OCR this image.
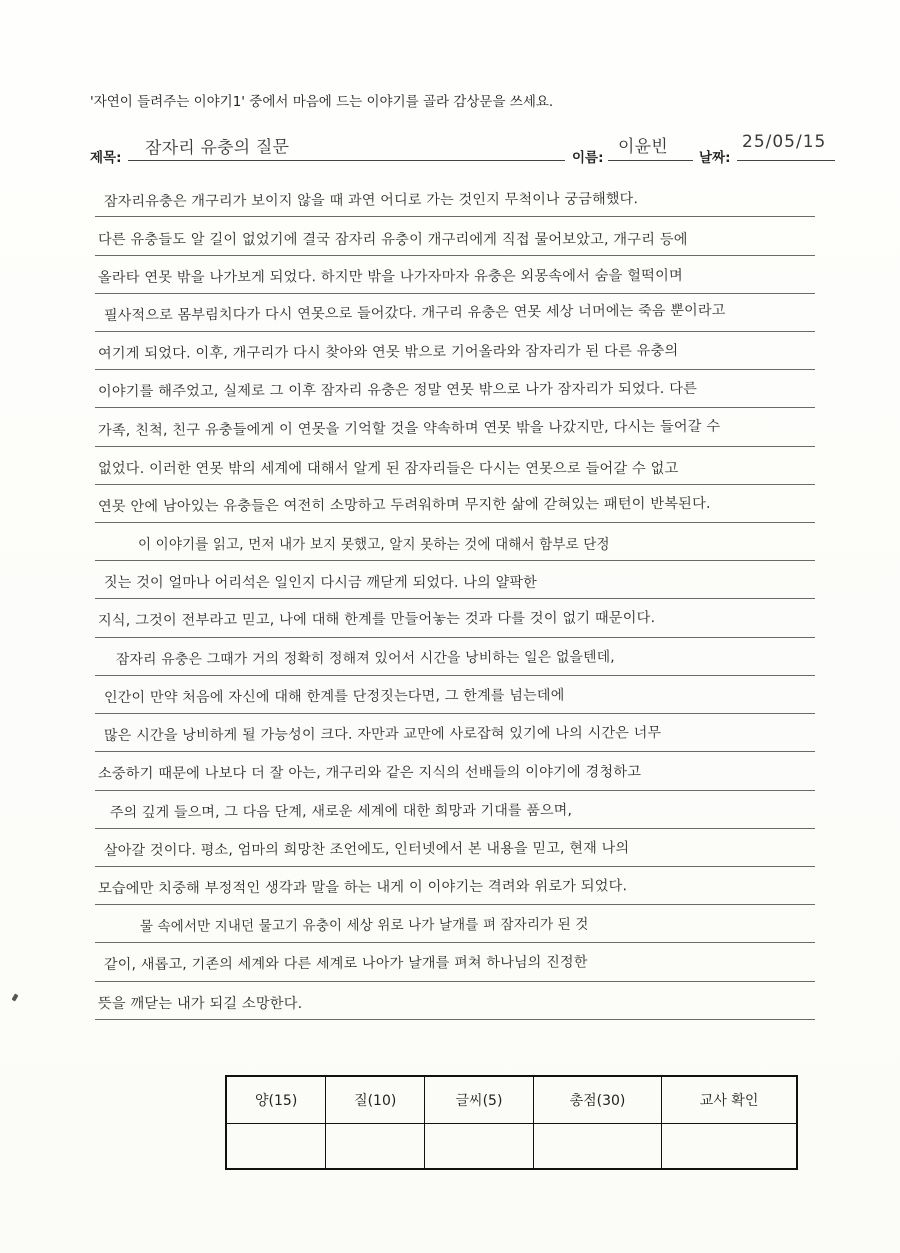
'자연이 들려주는 이야기1' 중에서 마음에 드는 이야기를 골라 감상문을 쓰세요.
제목: 잠자리 유충의 질문	이름:
이윤빈
날짜:
25/05/15
잠자리유충은 개구리가 보이지 않을 때 과연 어디로 가는 것인지 무척이나 궁금해했다.
다른 유충들도 알 길이 없었기에 결국 잠자리 유충이 개구리에게 직접 물어보았고, 개구리 등에
올라타 연못 밖을 나가보게 되었다. 하지만 밖을 나가자마자 유충은 외몽속에서 숨을 헐떡이며
필사적으로 몸부림치다가 다시 연못으로 들어갔다. 개구리 유충은 연못 세상 너머에는 죽음 뿐이라고
여기게 되었다. 이후, 개구리가 다시 찾아와 연못 밖으로 기어올라와 잠자리가 된 다른 유충의
이야기를 해주었고, 실제로 그 이후 잠자리 유충은 정말 연못 밖으로 나가 잠자리가 되었다. 다른
가족, 친척, 친구 유충들에게 이 연못을 기억할 것을 약속하며 연못 밖을 나갔지만, 다시는 들어갈 수
없었다. 이러한 연못 밖의 세계에 대해서 알게 된 잠자리들은 다시는 연못으로 들어갈 수 없고
연못 안에 남아있는 유충들은 여전히 소망하고 두려워하며 무지한 삶에 갇혀있는 패턴이 반복된다.
이 이야기를 읽고, 먼저 내가 보지 못했고, 알지 못하는 것에 대해서 함부로 단정
짓는 것이 얼마나 어리석은 일인지 다시금 깨닫게 되었다. 나의 얄팍한
지식, 그것이 전부라고 믿고, 나에 대해 한계를 만들어놓는 것과 다를 것이 없기 때문이다.
잠자리 유충은 그때가 거의 정확히 정해져 있어서 시간을 낭비하는 일은 없을텐데,
인간이 만약 처음에 자신에 대해 한계를 단정짓는다면, 그 한계를 넘는데에
많은 시간을 낭비하게 될 가능성이 크다. 자만과 교만에 사로잡혀 있기에 나의 시간은 너무
소중하기 때문에 나보다 더 잘 아는, 개구리와 같은 지식의 선배들의 이야기에 경청하고
주의 깊게 들으며, 그 다음 단계, 새로운 세계에 대한 희망과 기대를 품으며,
살아갈 것이다. 평소, 엄마의 희망찬 조언에도, 인터넷에서 본 내용을 믿고, 현재 나의
모습에만 치중해 부정적인 생각과 말을 하는 내게 이 이야기는 격려와 위로가 되었다.
물 속에서만 지내던 물고기 유충이 세상 위로 나가 날개를 펴 잠자리가 된 것
같이, 새롭고, 기존의 세계와 다른 세계로 나아가 날개를 펴쳐 하나님의 진정한
뜻을 깨닫는 내가 되길 소망한다.
양(15)	질(10)	글씨(5)	총점(30)	교사 확인
